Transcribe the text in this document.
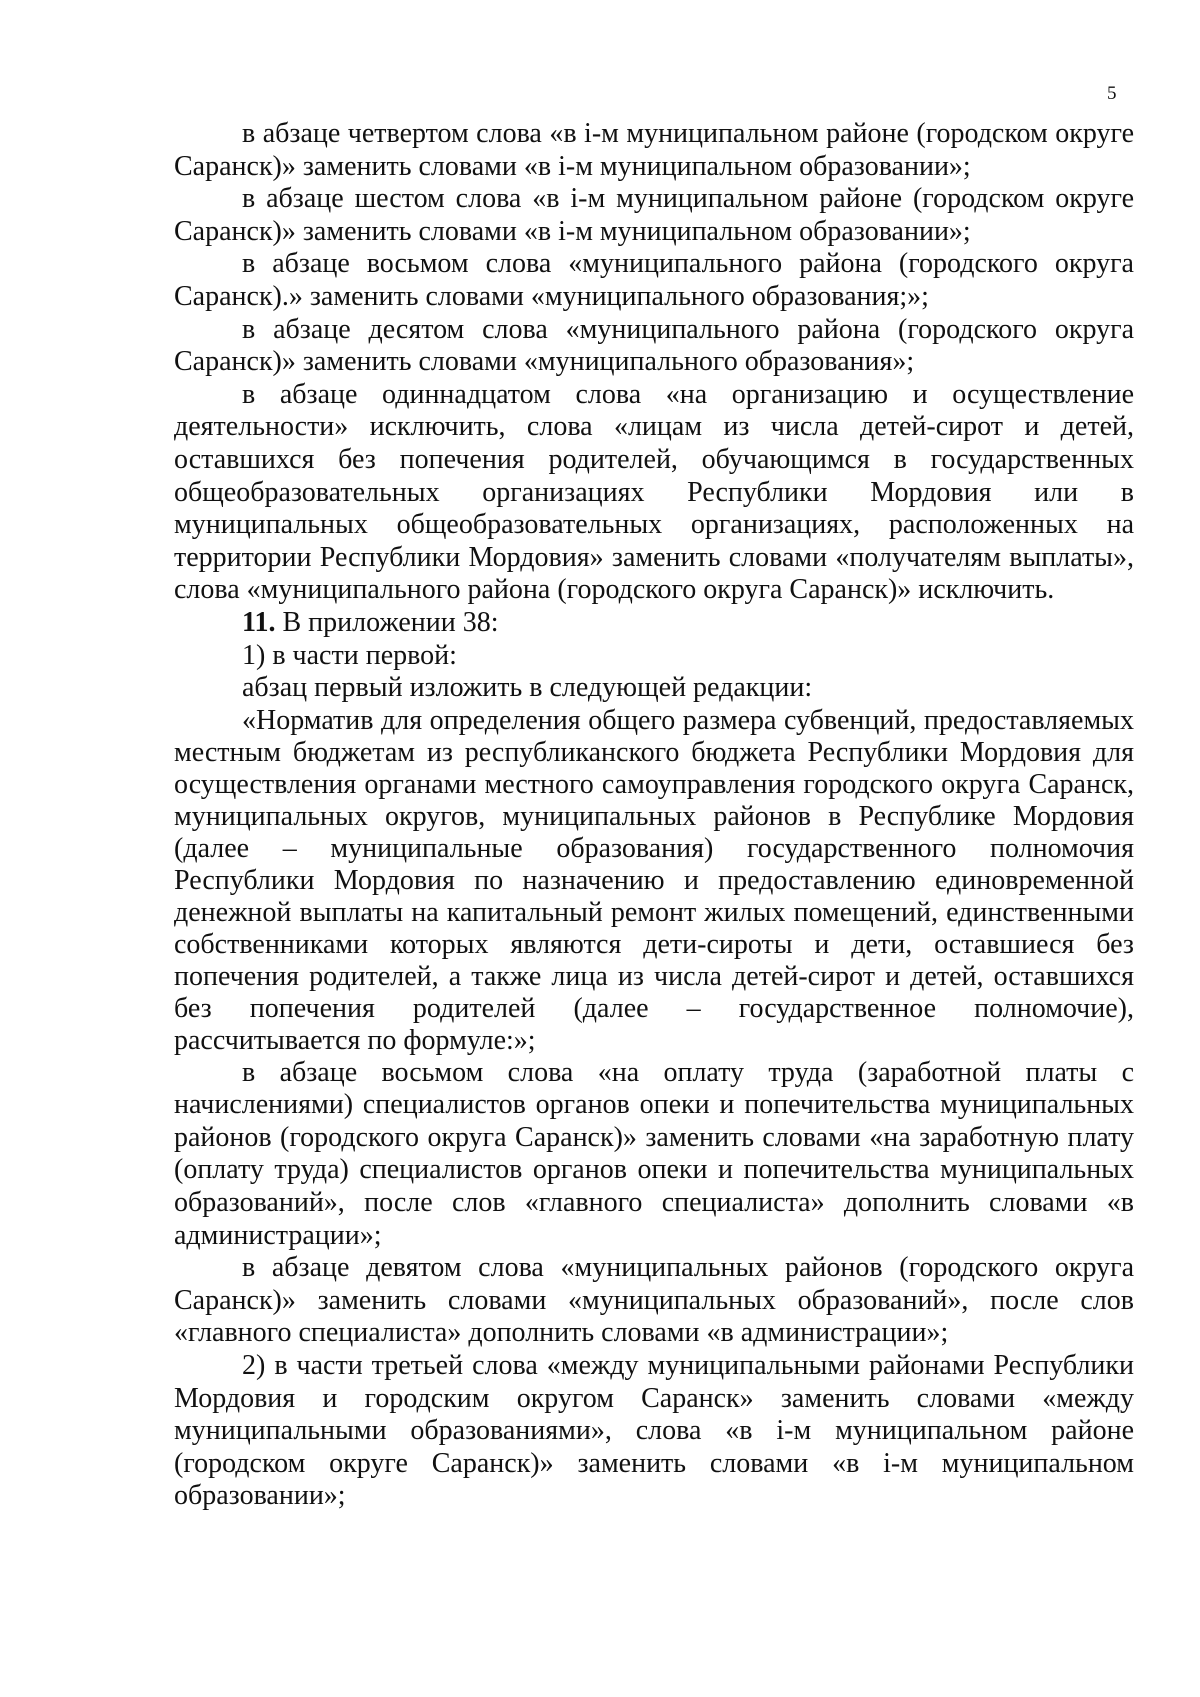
5

в абзаце четвертом слова «в i-м муниципальном районе (городском округе Саранск)» заменить словами «в i-м муниципальном образовании»;

в абзаце шестом слова «в i-м муниципальном районе (городском округе Саранск)» заменить словами «в i-м муниципальном образовании»;

в абзаце восьмом слова «муниципального района (городского округа Саранск).» заменить словами «муниципального образования;»;

в абзаце десятом слова «муниципального района (городского округа Саранск)» заменить словами «муниципального образования»;

в абзаце одиннадцатом слова «на организацию и осуществление деятельности» исключить, слова «лицам из числа детей-сирот и детей, оставшихся без попечения родителей, обучающимся в государственных общеобразовательных организациях Республики Мордовия или в муниципальных общеобразовательных организациях, расположенных на территории Республики Мордовия» заменить словами «получателям выплаты», слова «муниципального района (городского округа Саранск)» исключить.

11. В приложении 38:

1) в части первой:

абзац первый изложить в следующей редакции:

«Норматив для определения общего размера субвенций, предоставляемых местным бюджетам из республиканского бюджета Республики Мордовия для осуществления органами местного самоуправления городского округа Саранск, муниципальных округов, муниципальных районов в Республике Мордовия (далее – муниципальные образования) государственного полномочия Республики Мордовия по назначению и предоставлению единовременной денежной выплаты на капитальный ремонт жилых помещений, единственными собственниками которых являются дети-сироты и дети, оставшиеся без попечения родителей, а также лица из числа детей-сирот и детей, оставшихся без попечения родителей (далее – государственное полномочие), рассчитывается по формуле:»;

в абзаце восьмом слова «на оплату труда (заработной платы с начислениями) специалистов органов опеки и попечительства муниципальных районов (городского округа Саранск)» заменить словами «на заработную плату (оплату труда) специалистов органов опеки и попечительства муниципальных образований», после слов «главного специалиста» дополнить словами «в администрации»;

в абзаце девятом слова «муниципальных районов (городского округа Саранск)» заменить словами «муниципальных образований», после слов «главного специалиста» дополнить словами «в администрации»;

2) в части третьей слова «между муниципальными районами Республики Мордовия и городским округом Саранск» заменить словами «между муниципальными образованиями», слова «в i-м муниципальном районе (городском округе Саранск)» заменить словами «в i-м муниципальном образовании»;
